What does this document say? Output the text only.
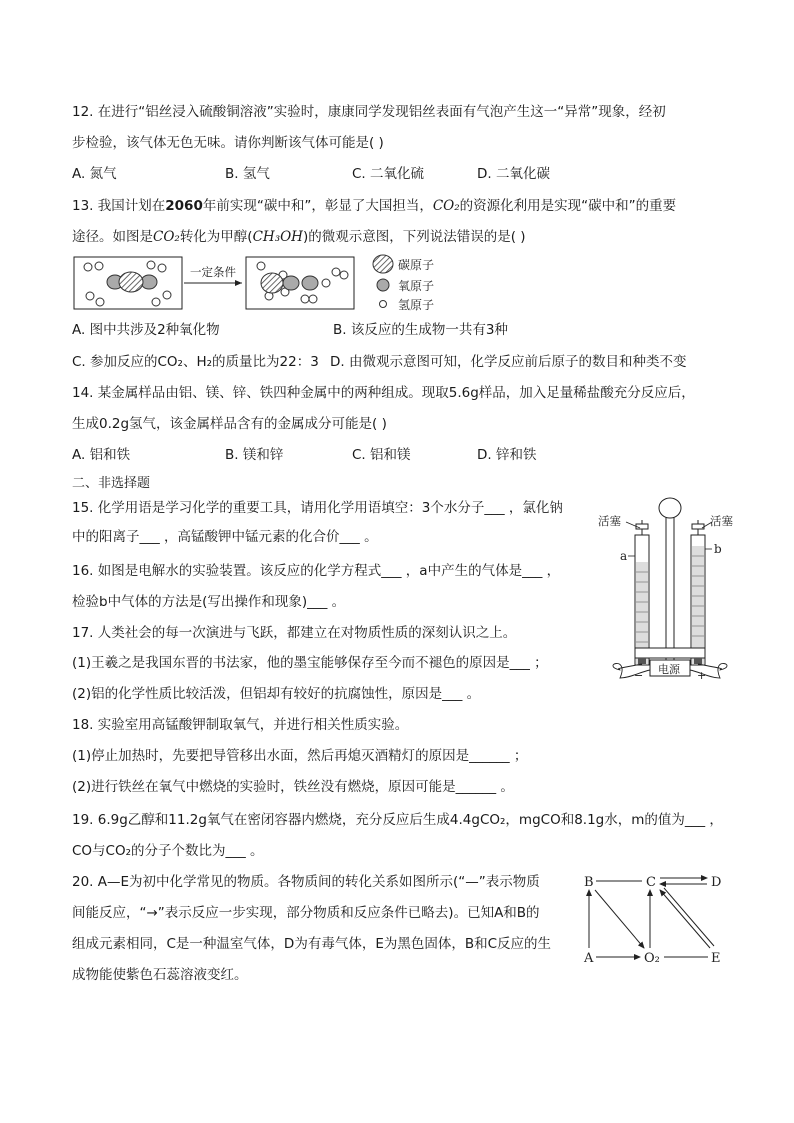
12. 在进行“铝丝浸入硫酸铜溶液”实验时，康康同学发现铝丝表面有气泡产生这一“异常”现象，经初
步检验，该气体无色无味。请你判断该气体可能是( )
A. 氮气	B. 氢气	C. 二氧化硫	D. 二氧化碳
13. 我国计划在2060年前实现“碳中和”，彰显了大国担当，CO₂的资源化利用是实现“碳中和”的重要
途径。如图是CO₂转化为甲醇(CH₃OH)的微观示意图，下列说法错误的是( )
一定条件	碳原子
氧原子
氢原子
A. 图中共涉及2种氧化物	B. 该反应的生成物一共有3种
C. 参加反应的CO₂、H₂的质量比为22：3 D. 由微观示意图可知，化学反应前后原子的数目和种类不变
14. 某金属样品由铝、镁、锌、铁四种金属中的两种组成。现取5.6g样品，加入足量稀盐酸充分反应后，
生成0.2g氢气，该金属样品含有的金属成分可能是( )
A. 铝和铁	B. 镁和锌	C. 铝和镁	D. 锌和铁
二、非选择题
15. 化学用语是学习化学的重要工具，请用化学用语填空：3个水分子___ ，氯化钠
中的阳离子___ ，高锰酸钾中锰元素的化合价___ 。
16. 如图是电解水的实验装置。该反应的化学方程式___ ，a中产生的气体是___ ，
检验b中气体的方法是(写出操作和现象)___ 。
电源
−	+
活塞	活塞
a	b
17. 人类社会的每一次演进与飞跃，都建立在对物质性质的深刻认识之上。
(1)王羲之是我国东晋的书法家，他的墨宝能够保存至今而不褪色的原因是___ ；
(2)铝的化学性质比较活泼，但铝却有较好的抗腐蚀性，原因是___ 。
18. 实验室用高锰酸钾制取氧气，并进行相关性质实验。
(1)停止加热时，先要把导管移出水面，然后再熄灭酒精灯的原因是______ ；
(2)进行铁丝在氧气中燃烧的实验时，铁丝没有燃烧，原因可能是______ 。
19. 6.9g乙醇和11.2g氧气在密闭容器内燃烧，充分反应后生成4.4gCO₂，mgCO和8.1g水，m的值为___ ，
CO与CO₂的分子个数比为___ 。
20. A—E为初中化学常见的物质。各物质间的转化关系如图所示(“—”表示物质
间能反应，“→”表示反应一步实现，部分物质和反应条件已略去)。已知A和B的
组成元素相同，C是一种温室气体，D为有毒气体，E为黑色固体，B和C反应的生
成物能使紫色石蕊溶液变红。
B	C	D
A	O₂	E
